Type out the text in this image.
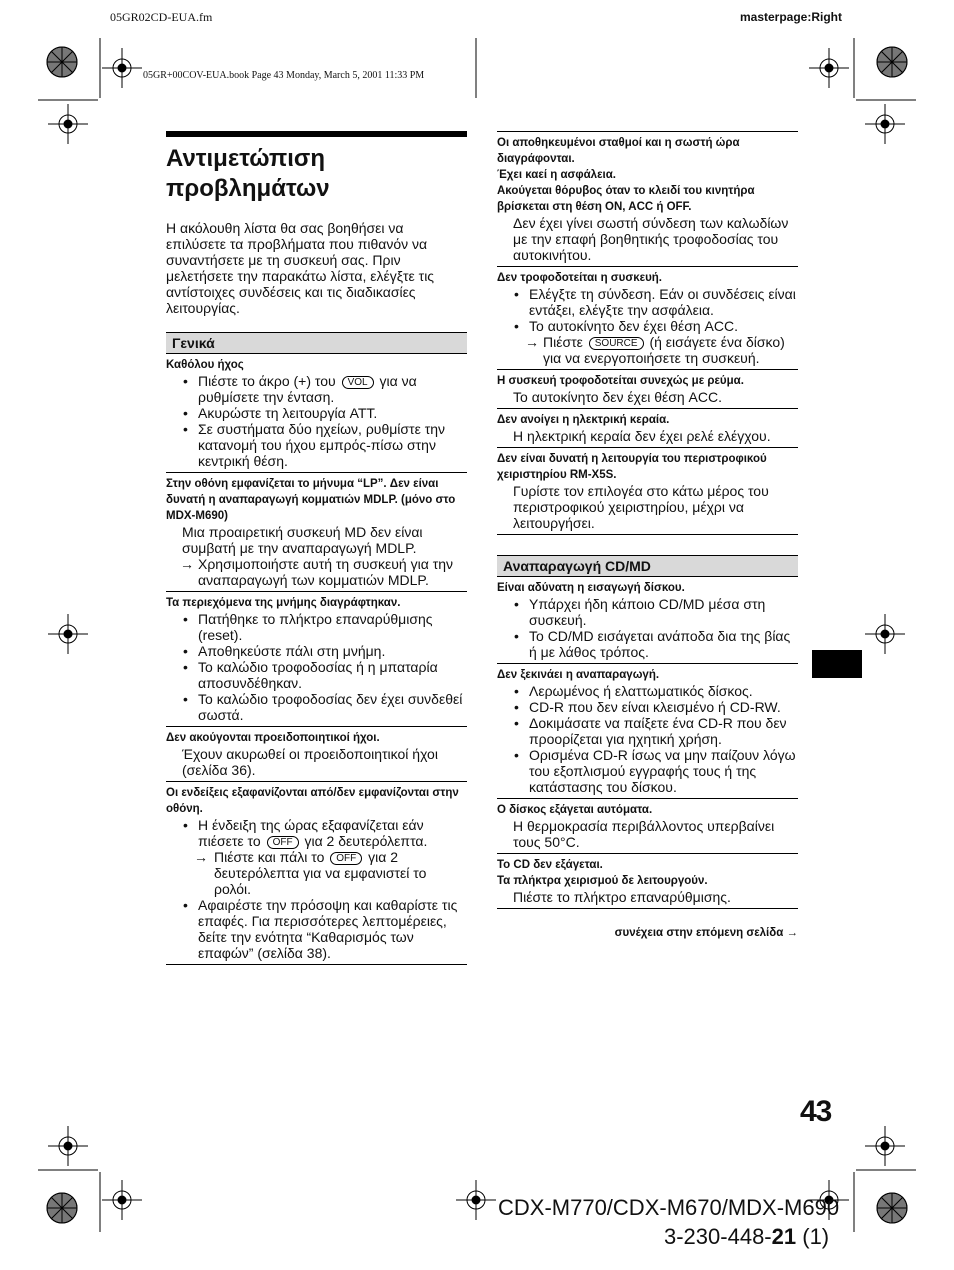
05GR02CD-EUA.fm	masterpage:Right
05GR+00COV-EUA.book Page 43 Monday, March 5, 2001 11:33 PM
Αντιμετώπιση προβλημάτων
Η ακόλουθη λίστα θα σας βοηθήσει να επιλύσετε τα προβλήματα που πιθανόν να συναντήσετε με τη συσκευή σας. Πριν μελετήσετε την παρακάτω λίστα, ελέγξτε τις αντίστοιχες συνδέσεις και τις διαδικασίες λειτουργίας.
Γενικά
Καθόλου ήχος
• Πιέστε το άκρο (+) του VOL για να ρυθμίσετε την ένταση.
• Ακυρώστε τη λειτουργία ATT.
• Σε συστήματα δύο ηχείων, ρυθμίστε την κατανομή του ήχου εμπρός-πίσω στην κεντρική θέση.
Στην οθόνη εμφανίζεται το μήνυμα “LP”. Δεν είναι δυνατή η αναπαραγωγή κομματιών MDLP. (μόνο στο MDX-M690)
Μια προαιρετική συσκευή MD δεν είναι συμβατή με την αναπαραγωγή MDLP.
→ Χρησιμοποιήστε αυτή τη συσκευή για την αναπαραγωγή των κομματιών MDLP.
Τα περιεχόμενα της μνήμης διαγράφτηκαν.
• Πατήθηκε το πλήκτρο επαναρύθμισης (reset).
• Αποθηκεύστε πάλι στη μνήμη.
• Το καλώδιο τροφοδοσίας ή η μπαταρία αποσυνδέθηκαν.
• Το καλώδιο τροφοδοσίας δεν έχει συνδεθεί σωστά.
Δεν ακούγονται προειδοποιητικοί ήχοι.
Έχουν ακυρωθεί οι προειδοποιητικοί ήχοι (σελίδα 36).
Οι ενδείξεις εξαφανίζονται από/δεν εμφανίζονται στην οθόνη.
• Η ένδειξη της ώρας εξαφανίζεται εάν πιέσετε το OFF για 2 δευτερόλεπτα.
→ Πιέστε και πάλι το OFF για 2 δευτερόλεπτα για να εμφανιστεί το ρολόι.
• Αφαιρέστε την πρόσοψη και καθαρίστε τις επαφές. Για περισσότερες λεπτομέρειες, δείτε την ενότητα “Καθαρισμός των επαφών” (σελίδα 38).
Οι αποθηκευμένοι σταθμοί και η σωστή ώρα διαγράφονται.
Έχει καεί η ασφάλεια.
Ακούγεται θόρυβος όταν το κλειδί του κινητήρα βρίσκεται στη θέση ON, ACC ή OFF.
Δεν έχει γίνει σωστή σύνδεση των καλωδίων με την επαφή βοηθητικής τροφοδοσίας του αυτοκινήτου.
Δεν τροφοδοτείται η συσκευή.
• Ελέγξτε τη σύνδεση. Εάν οι συνδέσεις είναι εντάξει, ελέγξτε την ασφάλεια.
• Το αυτοκίνητο δεν έχει θέση ACC.
→ Πιέστε SOURCE (ή εισάγετε ένα δίσκο) για να ενεργοποιήσετε τη συσκευή.
Η συσκευή τροφοδοτείται συνεχώς με ρεύμα.
Το αυτοκίνητο δεν έχει θέση ACC.
Δεν ανοίγει η ηλεκτρική κεραία.
Η ηλεκτρική κεραία δεν έχει ρελέ ελέγχου.
Δεν είναι δυνατή η λειτουργία του περιστροφικού χειριστηρίου RM-X5S.
Γυρίστε τον επιλογέα στο κάτω μέρος του περιστροφικού χειριστηρίου, μέχρι να λειτουργήσει.
Αναπαραγωγή CD/MD
Είναι αδύνατη η εισαγωγή δίσκου.
• Υπάρχει ήδη κάποιο CD/MD μέσα στη συσκευή.
• Το CD/MD εισάγεται ανάποδα δια της βίας ή με λάθος τρόπος.
Δεν ξεκινάει η αναπαραγωγή.
• Λερωμένος ή ελαττωματικός δίσκος.
• CD-R που δεν είναι κλεισμένο ή CD-RW.
• Δοκιμάσατε να παίξετε ένα CD-R που δεν προορίζεται για ηχητική χρήση.
• Ορισμένα CD-R ίσως να μην παίζουν λόγω του εξοπλισμού εγγραφής τους ή της κατάστασης του δίσκου.
Ο δίσκος εξάγεται αυτόματα.
Η θερμοκρασία περιβάλλοντος υπερβαίνει τους 50°C.
Το CD δεν εξάγεται.
Τα πλήκτρα χειρισμού δε λειτουργούν.
Πιέστε το πλήκτρο επαναρύθμισης.
συνέχεια στην επόμενη σελίδα →
43
CDX-M770/CDX-M670/MDX-M690
3-230-448-21 (1)
